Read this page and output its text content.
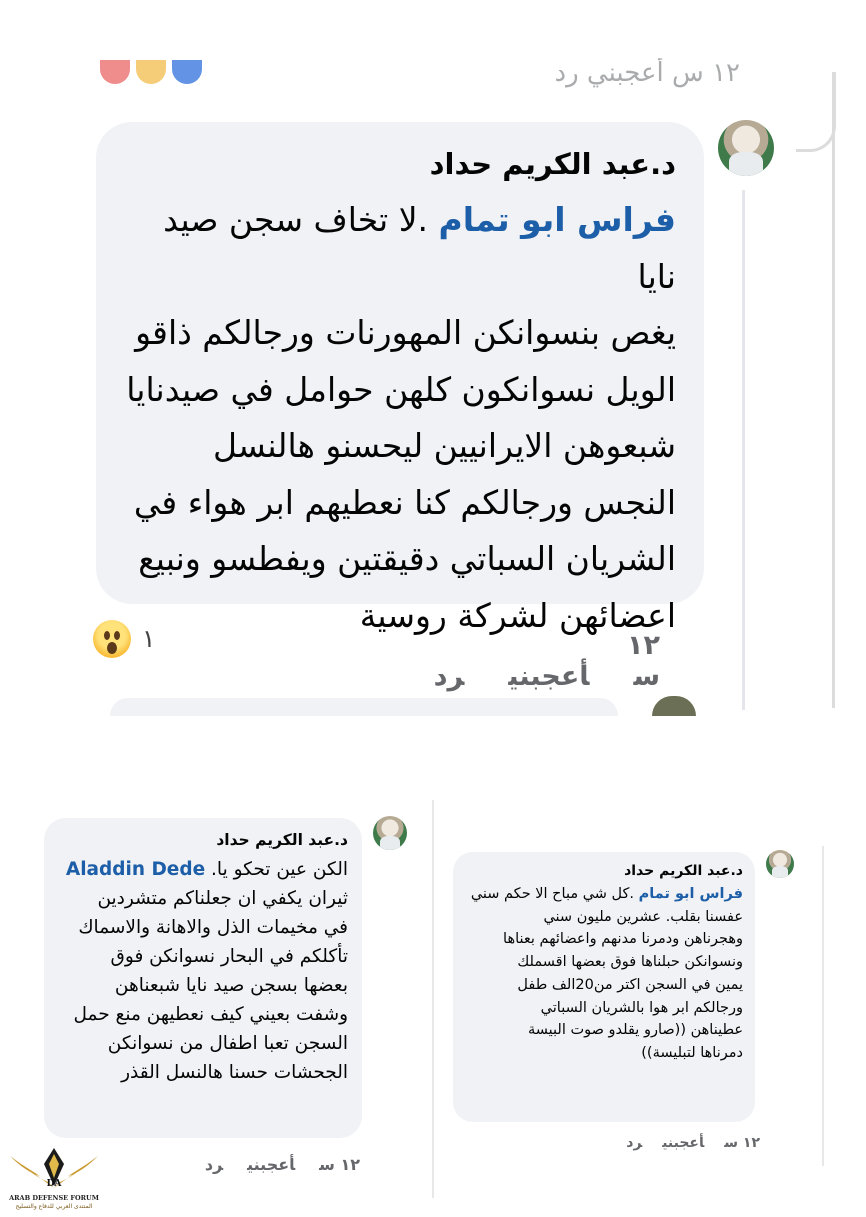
١٢ س أعجبني رد
د.عبد الكريم حداد
فراس ابو تمام .لا تخاف سجن صيد نايا
يغص بنسوانكن المهورنات ورجالكم ذاقو
الويل نسوانكون كلهن حوامل في صيدنايا
شبعوهن الايرانيين ليحسنو هالنسل
النجس ورجالكم كنا نعطيهم ابر هواء في
الشريان السباتي دقيقتين ويفطسو ونبيع
اعضائهن لشركة روسية
١٢ سأعجبنيرد
١
د.عبد الكريم حداد
الكن عين تحكو يا. Aladdin Dede
ثيران يكفي ان جعلناكم متشردين
في مخيمات الذل والاهانة والاسماك
تأكلكم في البحار نسوانكن فوق
بعضها بسجن صيد نايا شبعناهن
وشفت بعيني كيف نعطيهن منع حمل
السجن تعبا اطفال من نسوانكن
الجحشات حسنا هالنسل القذر
١٢ سأعجبنيرد
د.عبد الكريم حداد
فراس ابو تمام .كل شي مباح الا حكم سني
عفسنا بقلب. عشرين مليون سني
وهجرناهن ودمرنا مدنهم واعضائهم بعناها
ونسوانكن حبلناها فوق بعضها اقسملك
يمين في السجن اكتر من20الف طفل
ورجالكم ابر هوا بالشريان السباتي
عطيناهن ((صارو يقلدو صوت البيسة
دمرناها لتبليسة))
١٢ سأعجبنيرد
DA
ARAB DEFENSE FORUM
المنتدى العربي للدفاع والتسليح
